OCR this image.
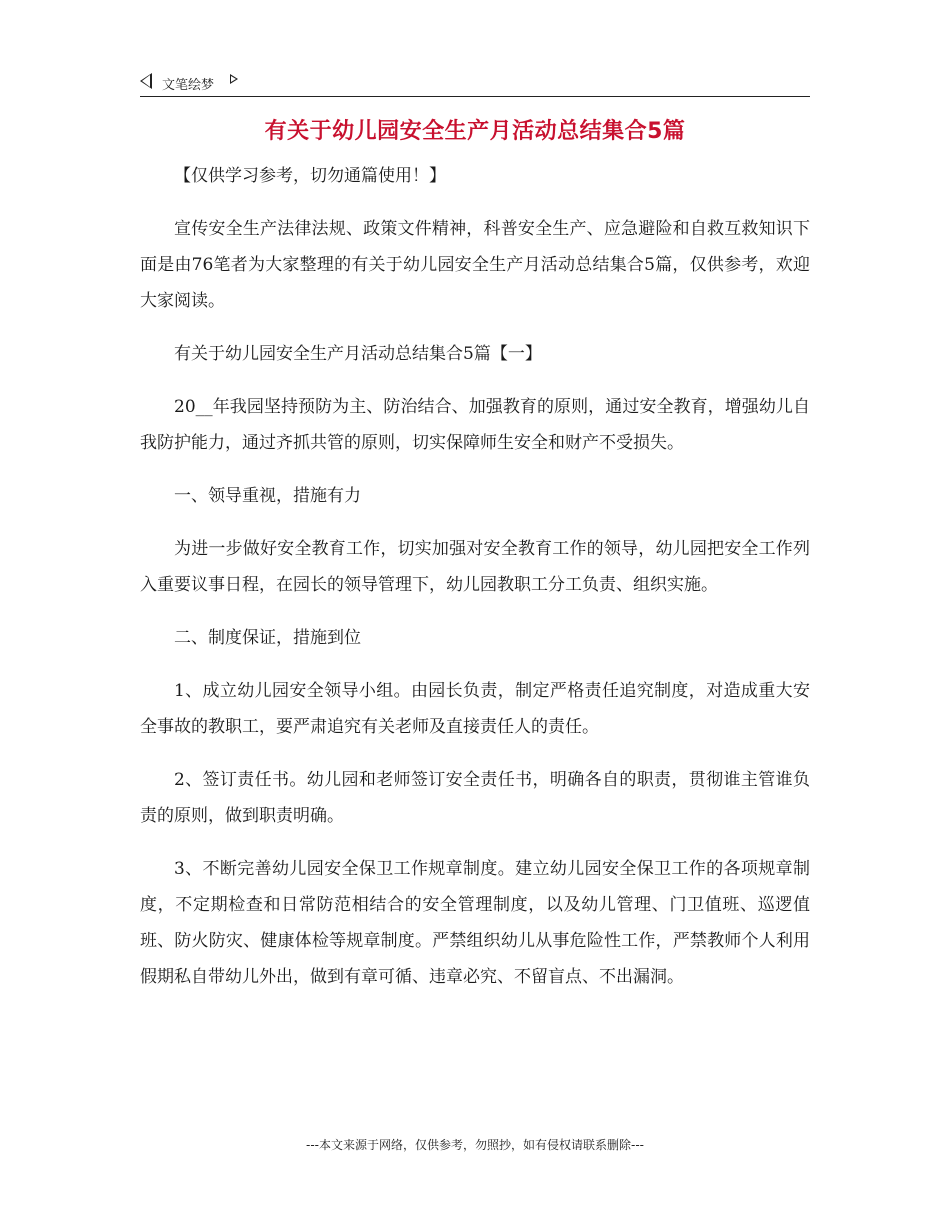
文笔绘梦
有关于幼儿园安全生产月活动总结集合5篇

【仅供学习参考，切勿通篇使用！】

宣传安全生产法律法规、政策文件精神，科普安全生产、应急避险和自救互救知识下面是由76笔者为大家整理的有关于幼儿园安全生产月活动总结集合5篇，仅供参考，欢迎大家阅读。

有关于幼儿园安全生产月活动总结集合5篇【一】

20__年我园坚持预防为主、防治结合、加强教育的原则，通过安全教育，增强幼儿自我防护能力，通过齐抓共管的原则，切实保障师生安全和财产不受损失。

一、领导重视，措施有力

为进一步做好安全教育工作，切实加强对安全教育工作的领导，幼儿园把安全工作列入重要议事日程，在园长的领导管理下，幼儿园教职工分工负责、组织实施。

二、制度保证，措施到位

1、成立幼儿园安全领导小组。由园长负责，制定严格责任追究制度，对造成重大安全事故的教职工，要严肃追究有关老师及直接责任人的责任。

2、签订责任书。幼儿园和老师签订安全责任书，明确各自的职责，贯彻谁主管谁负责的原则，做到职责明确。

3、不断完善幼儿园安全保卫工作规章制度。建立幼儿园安全保卫工作的各项规章制度，不定期检查和日常防范相结合的安全管理制度，以及幼儿管理、门卫值班、巡逻值班、防火防灾、健康体检等规章制度。严禁组织幼儿从事危险性工作，严禁教师个人利用假期私自带幼儿外出，做到有章可循、违章必究、不留盲点、不出漏洞。

---本文来源于网络，仅供参考，勿照抄，如有侵权请联系删除---
